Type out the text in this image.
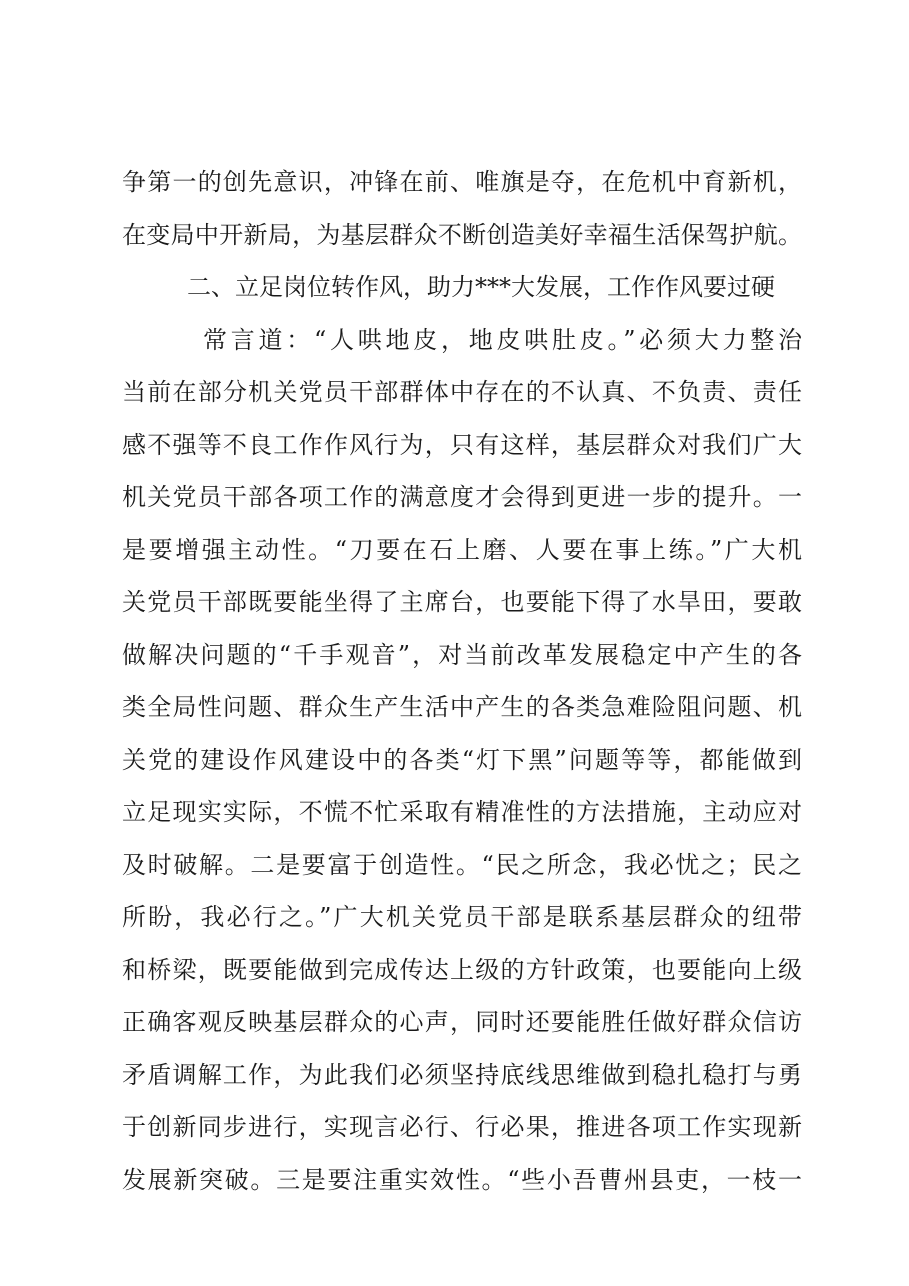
争第一的创先意识，冲锋在前、唯旗是夺，在危机中育新机，
在变局中开新局，为基层群众不断创造美好幸福生活保驾护航。
二、立足岗位转作风，助力***大发展，工作作风要过硬
常言道：“人哄地皮，地皮哄肚皮。”必须大力整治
当前在部分机关党员干部群体中存在的不认真、不负责、责任
感不强等不良工作作风行为，只有这样，基层群众对我们广大
机关党员干部各项工作的满意度才会得到更进一步的提升。一
是要增强主动性。“刀要在石上磨、人要在事上练。”广大机
关党员干部既要能坐得了主席台，也要能下得了水旱田，要敢
做解决问题的“千手观音”，对当前改革发展稳定中产生的各
类全局性问题、群众生产生活中产生的各类急难险阻问题、机
关党的建设作风建设中的各类“灯下黑”问题等等，都能做到
立足现实实际，不慌不忙采取有精准性的方法措施，主动应对
及时破解。二是要富于创造性。“民之所念，我必忧之；民之
所盼，我必行之。”广大机关党员干部是联系基层群众的纽带
和桥梁，既要能做到完成传达上级的方针政策，也要能向上级
正确客观反映基层群众的心声，同时还要能胜任做好群众信访
矛盾调解工作，为此我们必须坚持底线思维做到稳扎稳打与勇
于创新同步进行，实现言必行、行必果，推进各项工作实现新
发展新突破。三是要注重实效性。“些小吾曹州县吏，一枝一
